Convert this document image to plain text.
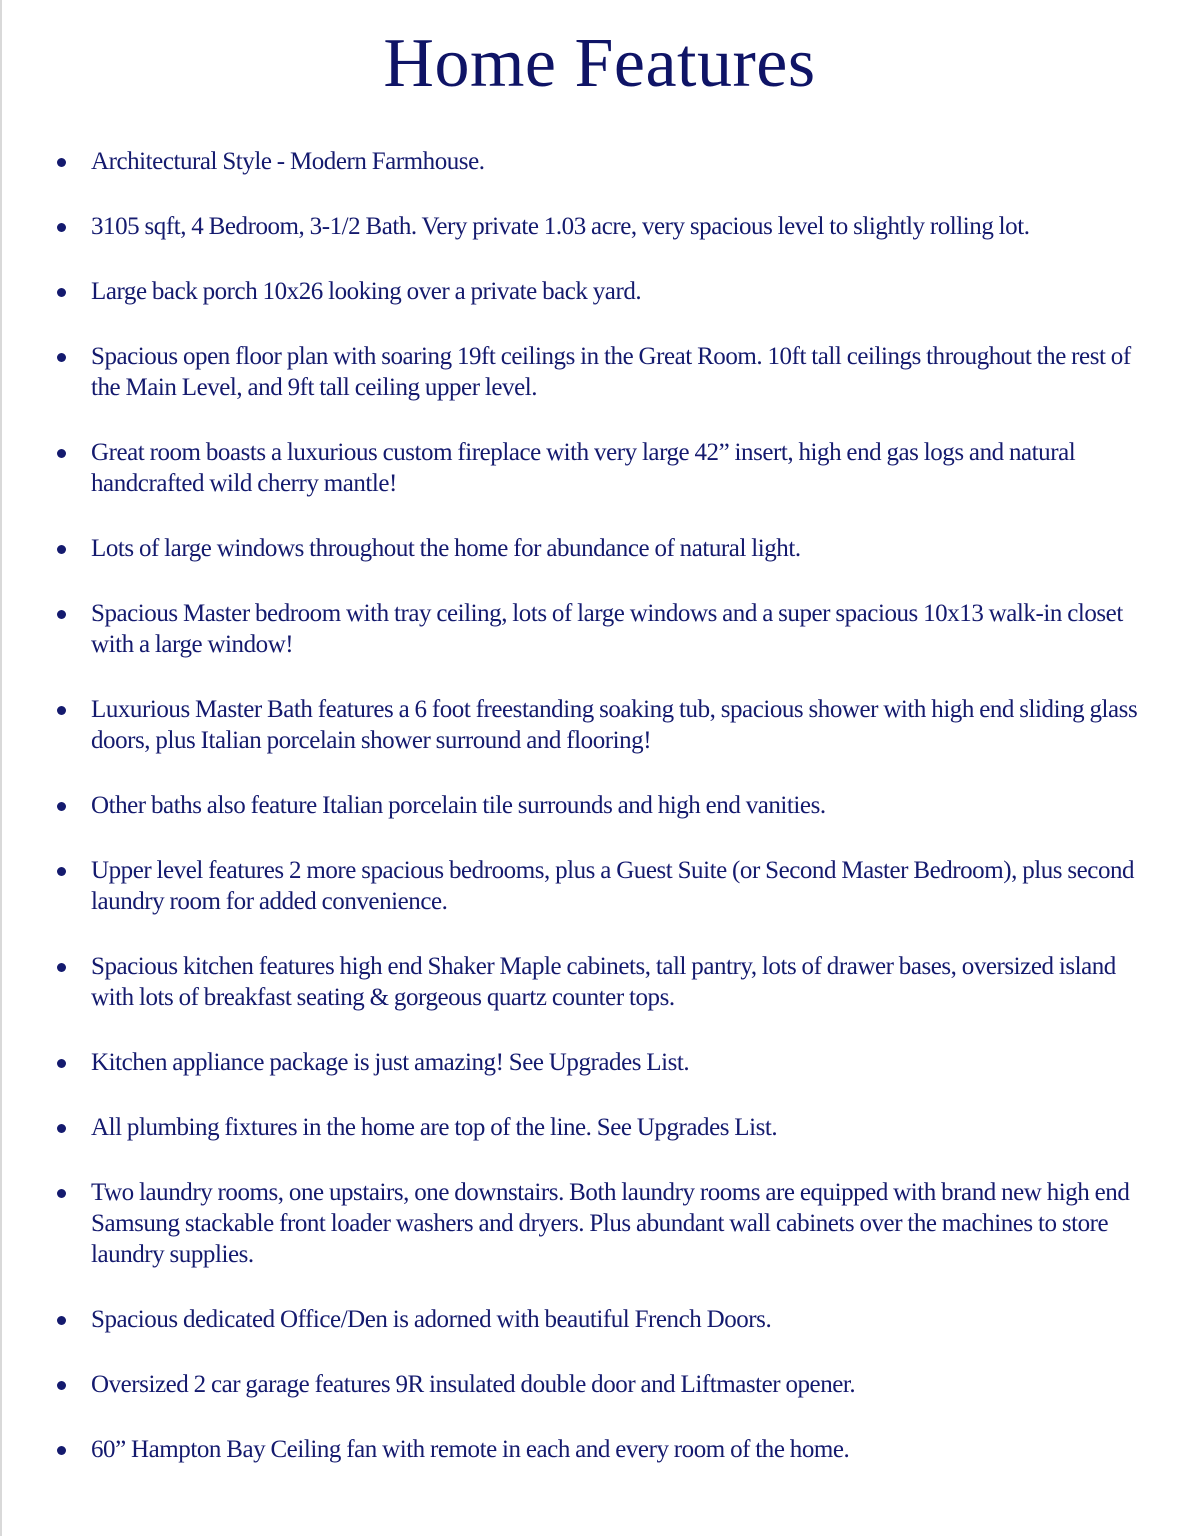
Home Features
Architectural Style - Modern Farmhouse.
3105 sqft, 4 Bedroom, 3-1/2 Bath. Very private 1.03 acre, very spacious level to slightly rolling lot.
Large back porch 10x26 looking over a private back yard.
Spacious open floor plan with soaring 19ft ceilings in the Great Room. 10ft tall ceilings throughout the rest of the Main Level, and 9ft tall ceiling upper level.
Great room boasts a luxurious custom fireplace with very large 42” insert, high end gas logs and natural handcrafted wild cherry mantle!
Lots of large windows throughout the home for abundance of natural light.
Spacious Master bedroom with tray ceiling, lots of large windows and a super spacious 10x13 walk-in closet with a large window!
Luxurious Master Bath features a 6 foot freestanding soaking tub, spacious shower with high end sliding glass doors, plus Italian porcelain shower surround and flooring!
Other baths also feature Italian porcelain tile surrounds and high end vanities.
Upper level features 2 more spacious bedrooms, plus a Guest Suite (or Second Master Bedroom), plus second laundry room for added convenience.
Spacious kitchen features high end Shaker Maple cabinets, tall pantry, lots of drawer bases, oversized island with lots of breakfast seating & gorgeous quartz counter tops.
Kitchen appliance package is just amazing! See Upgrades List.
All plumbing fixtures in the home are top of the line. See Upgrades List.
Two laundry rooms, one upstairs, one downstairs. Both laundry rooms are equipped with brand new high end Samsung stackable front loader washers and dryers. Plus abundant wall cabinets over the machines to store laundry supplies.
Spacious dedicated Office/Den is adorned with beautiful French Doors.
Oversized 2 car garage features 9R insulated double door and Liftmaster opener.
60” Hampton Bay Ceiling fan with remote in each and every room of the home.
